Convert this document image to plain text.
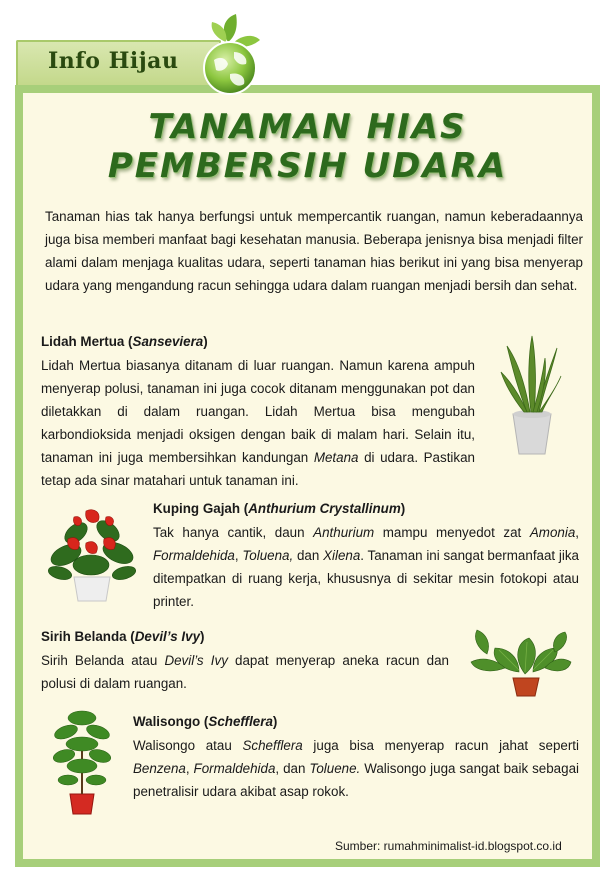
Info Hijau
TANAMAN HIAS
PEMBERSIH UDARA
Tanaman hias tak hanya berfungsi untuk mempercantik ruangan, namun keberadaannya juga bisa memberi manfaat bagi kesehatan manusia. Beberapa jenisnya bisa menjadi filter alami dalam menjaga kualitas udara, seperti tanaman hias berikut ini yang bisa menyerap udara yang mengandung racun sehingga udara dalam ruangan menjadi bersih dan sehat.
Lidah Mertua (Sanseviera)
Lidah Mertua biasanya ditanam di luar ruangan. Namun karena ampuh menyerap polusi, tanaman ini juga cocok ditanam menggunakan pot dan diletakkan di dalam ruangan. Lidah Mertua bisa mengubah karbondioksida menjadi oksigen dengan baik di malam hari. Selain itu, tanaman ini juga membersihkan kandungan Metana di udara. Pastikan tetap ada sinar matahari untuk tanaman ini.
Kuping Gajah (Anthurium Crystallinum)
Tak hanya cantik, daun Anthurium mampu menyedot zat Amonia, Formaldehida, Toluena, dan Xilena. Tanaman ini sangat bermanfaat jika ditempatkan di ruang kerja, khususnya di sekitar mesin fotokopi atau printer.
Sirih Belanda (Devil’s Ivy)
Sirih Belanda atau Devil’s Ivy dapat menyerap aneka racun dan polusi di dalam ruangan.
Walisongo (Schefflera)
Walisongo atau Schefflera juga bisa menyerap racun jahat seperti Benzena, Formaldehida, dan Toluene. Walisongo juga sangat baik sebagai penetralisir udara akibat asap rokok.
Sumber: rumahminimalist-id.blogspot.co.id
